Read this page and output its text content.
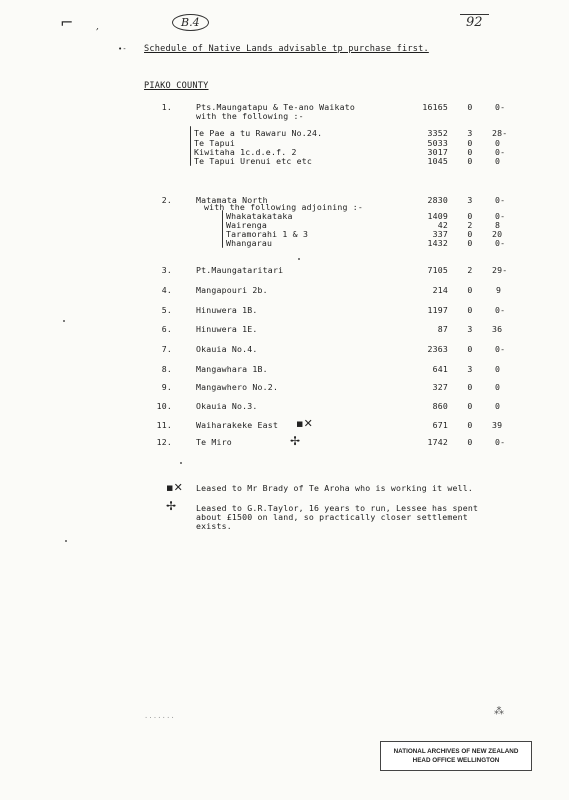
⌐	,	B.4	92
•- Schedule of Native Lands advisable tp purchase first.
PIAKO COUNTY
1.	Pts.Maungatapu & Te-ano Waikato	16165	0	0-
with the following :-
Te Pae a tu Rawaru No.24.	3352	3	28-
Te Tapui	5033	0	0
Kiwitaha 1c.d.e.f. 2	3017	0	0-
Te Tapui Urenui etc etc	1045	0	0
2.	Matamata North	2830	3	0-
with the following adjoining :-
Whakatakataka	1409	0	0-
Wairenga	42	2	8
Taramorahi 1 & 3	337	0	20
Whangarau	1432	0	0-
3.	Pt.Maungataritari	7105	2	29-
4.	Mangapouri 2b.	214	0	9
5.	Hinuwera 1B.	1197	0	0-
6.	Hinuwera 1E.	87	3	36
7.	Okauia No.4.	2363	0	0-
8.	Mangawhara 1B.	641	3	0
9.	Mangawhero No.2.	327	0	0
10.	Okauia No.3.	860	0	0
11.	Waiharakeke East ▪✕	671	0	39
12.	Te Miro	✢	1742	0	0-
▪✕ Leased to Mr Brady of Te Aroha who is working it well.
✢ Leased to G.R.Taylor, 16 years to run, Lessee has spent
about £1500 on land, so practically closer settlement
exists.
.......	⁂
NATIONAL ARCHIVES OF NEW ZEALAND
HEAD OFFICE WELLINGTON
